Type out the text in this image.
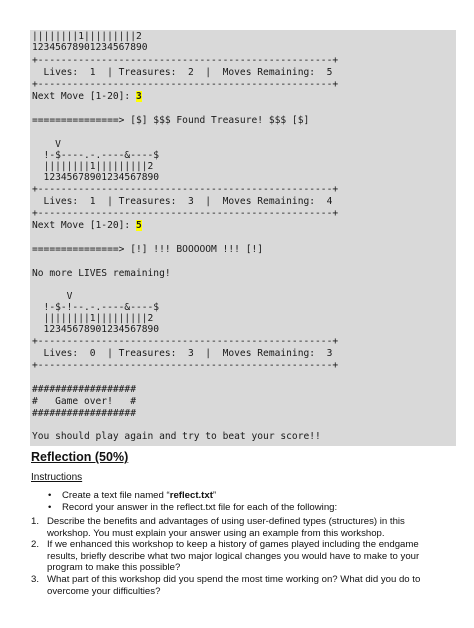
||||||||1|||||||||2
12345678901234567890
+---------------------------------------------------+
Lives:  1  | Treasures:  2  |  Moves Remaining:  5
+---------------------------------------------------+
Next Move [1-20]: 3
===============> [$] $$$ Found Treasure! $$$ [$]
V
!-$----.-.----&----$
||||||||1|||||||||2
12345678901234567890
+---------------------------------------------------+
Lives:  1  | Treasures:  3  |  Moves Remaining:  4
+---------------------------------------------------+
Next Move [1-20]: 5
===============> [!] !!! BOOOOOM !!! [!]
No more LIVES remaining!
V
!-$-!--.-.----&----$
||||||||1|||||||||2
12345678901234567890
+---------------------------------------------------+
Lives:  0  | Treasures:  3  |  Moves Remaining:  3
+---------------------------------------------------+
##################
#   Game over!   #
##################
You should play again and try to beat your score!!
Reflection (50%)
Instructions
• Create a text file named “reflect.txt”
• Record your answer in the reflect.txt file for each of the following:
1. Describe the benefits and advantages of using user-defined types (structures) in this workshop. You must explain your answer using an example from this workshop.
2. If we enhanced this workshop to keep a history of games played including the endgame results, briefly describe what two major logical changes you would have to make to your program to make this possible?
3. What part of this workshop did you spend the most time working on? What did you do to overcome your difficulties?
